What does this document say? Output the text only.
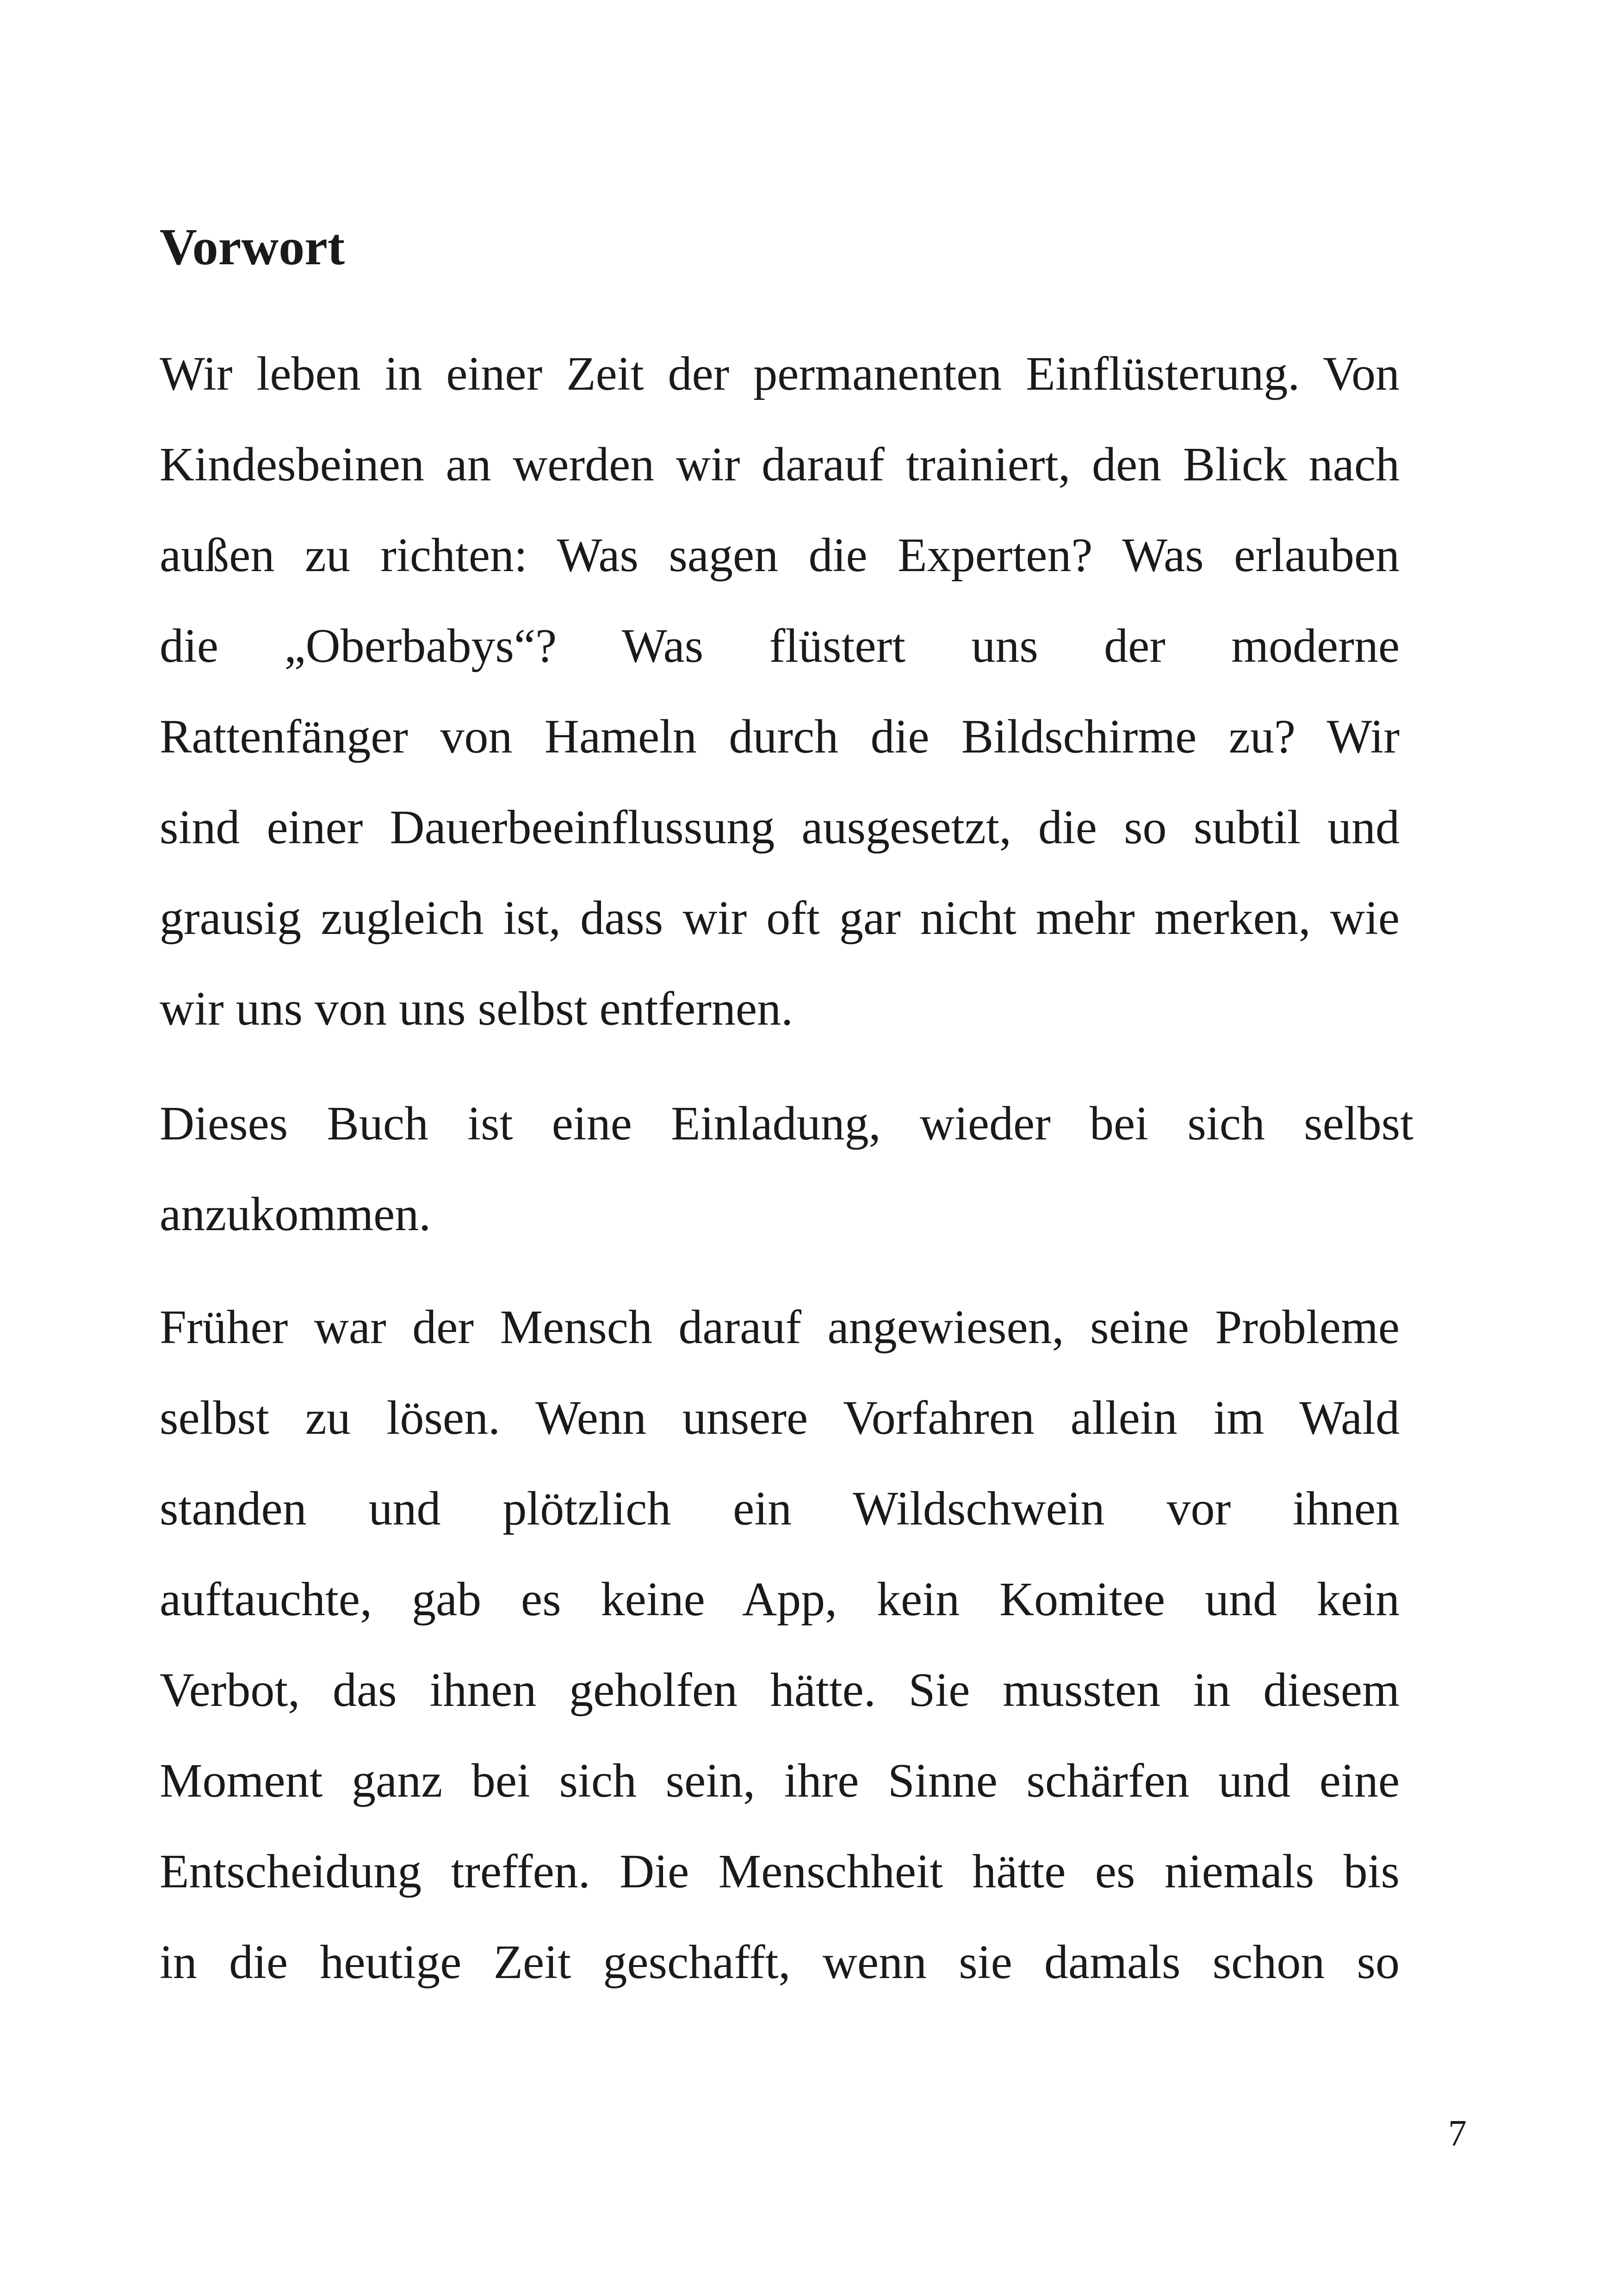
Vorwort
Wir leben in einer Zeit der permanenten Einflüsterung. Von
Kindesbeinen an werden wir darauf trainiert, den Blick nach
außen zu richten: Was sagen die Experten? Was erlauben
die „Oberbabys“? Was flüstert uns der moderne
Rattenfänger von Hameln durch die Bildschirme zu? Wir
sind einer Dauerbeeinflussung ausgesetzt, die so subtil und
grausig zugleich ist, dass wir oft gar nicht mehr merken, wie
wir uns von uns selbst entfernen.
Dieses Buch ist eine Einladung, wieder bei sich selbst
anzukommen.
Früher war der Mensch darauf angewiesen, seine Probleme
selbst zu lösen. Wenn unsere Vorfahren allein im Wald
standen und plötzlich ein Wildschwein vor ihnen
auftauchte, gab es keine App, kein Komitee und kein
Verbot, das ihnen geholfen hätte. Sie mussten in diesem
Moment ganz bei sich sein, ihre Sinne schärfen und eine
Entscheidung treffen. Die Menschheit hätte es niemals bis
in die heutige Zeit geschafft, wenn sie damals schon so
7
